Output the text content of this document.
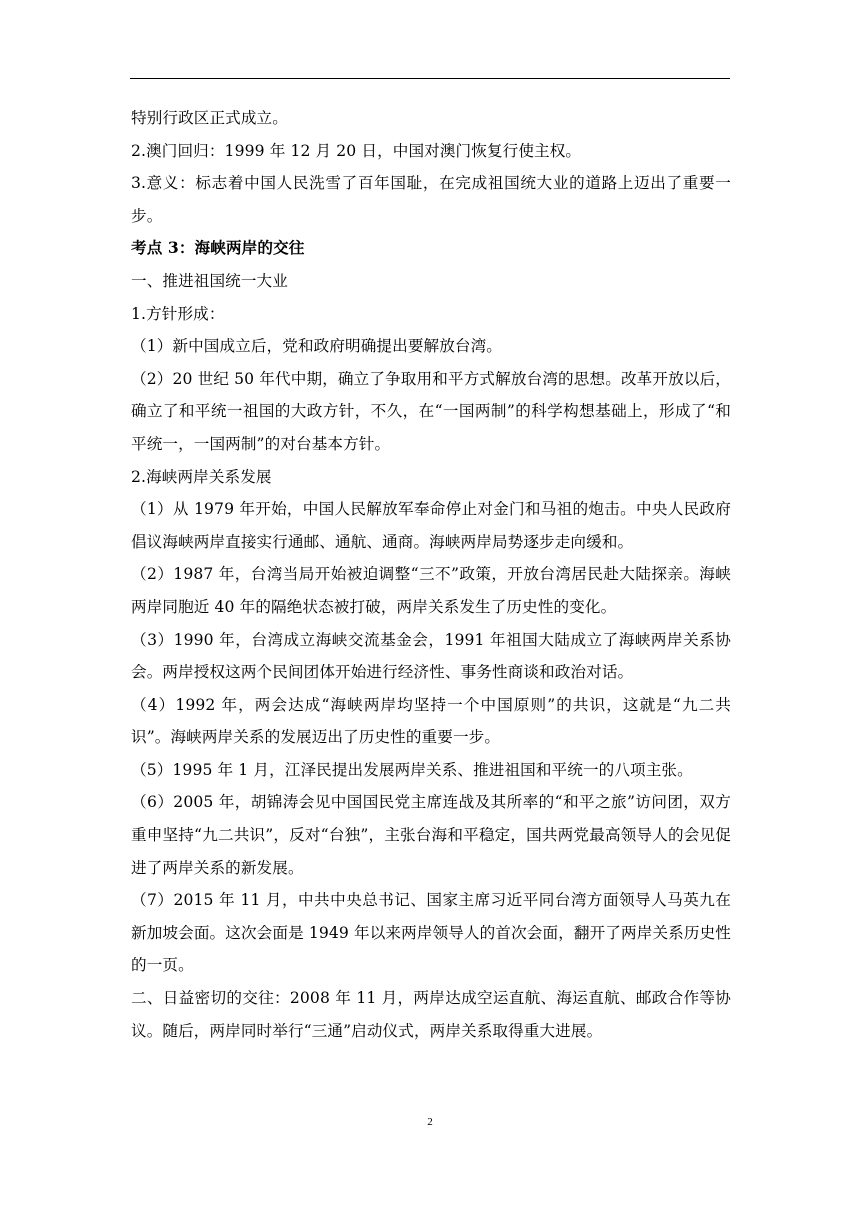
特别行政区正式成立。

2.澳门回归：1999 年 12 月 20 日，中国对澳门恢复行使主权。

3.意义：标志着中国人民洗雪了百年国耻，在完成祖国统大业的道路上迈出了重要一步。

考点 3：海峡两岸的交往

一、推进祖国统一大业

1.方针形成：

（1）新中国成立后，党和政府明确提出要解放台湾。

（2）20 世纪 50 年代中期，确立了争取用和平方式解放台湾的思想。改革开放以后，确立了和平统一祖国的大政方针，不久，在“一国两制”的科学构想基础上，形成了“和平统一，一国两制”的对台基本方针。

2.海峡两岸关系发展

（1）从 1979 年开始，中国人民解放军奉命停止对金门和马祖的炮击。中央人民政府倡议海峡两岸直接实行通邮、通航、通商。海峡两岸局势逐步走向缓和。

（2）1987 年，台湾当局开始被迫调整“三不”政策，开放台湾居民赴大陆探亲。海峡两岸同胞近 40 年的隔绝状态被打破，两岸关系发生了历史性的变化。

（3）1990 年，台湾成立海峡交流基金会，1991 年祖国大陆成立了海峡两岸关系协会。两岸授权这两个民间团体开始进行经济性、事务性商谈和政治对话。

（4）1992 年，两会达成“海峡两岸均坚持一个中国原则”的共识，这就是“九二共识”。海峡两岸关系的发展迈出了历史性的重要一步。

（5）1995 年 1 月，江泽民提出发展两岸关系、推进祖国和平统一的八项主张。

（6）2005 年，胡锦涛会见中国国民党主席连战及其所率的“和平之旅”访问团，双方重申坚持“九二共识”，反对“台独”，主张台海和平稳定，国共两党最高领导人的会见促进了两岸关系的新发展。

（7）2015 年 11 月，中共中央总书记、国家主席习近平同台湾方面领导人马英九在新加坡会面。这次会面是 1949 年以来两岸领导人的首次会面，翻开了两岸关系历史性的一页。

二、日益密切的交往：2008 年 11 月，两岸达成空运直航、海运直航、邮政合作等协议。随后，两岸同时举行“三通”启动仪式，两岸关系取得重大进展。

2
